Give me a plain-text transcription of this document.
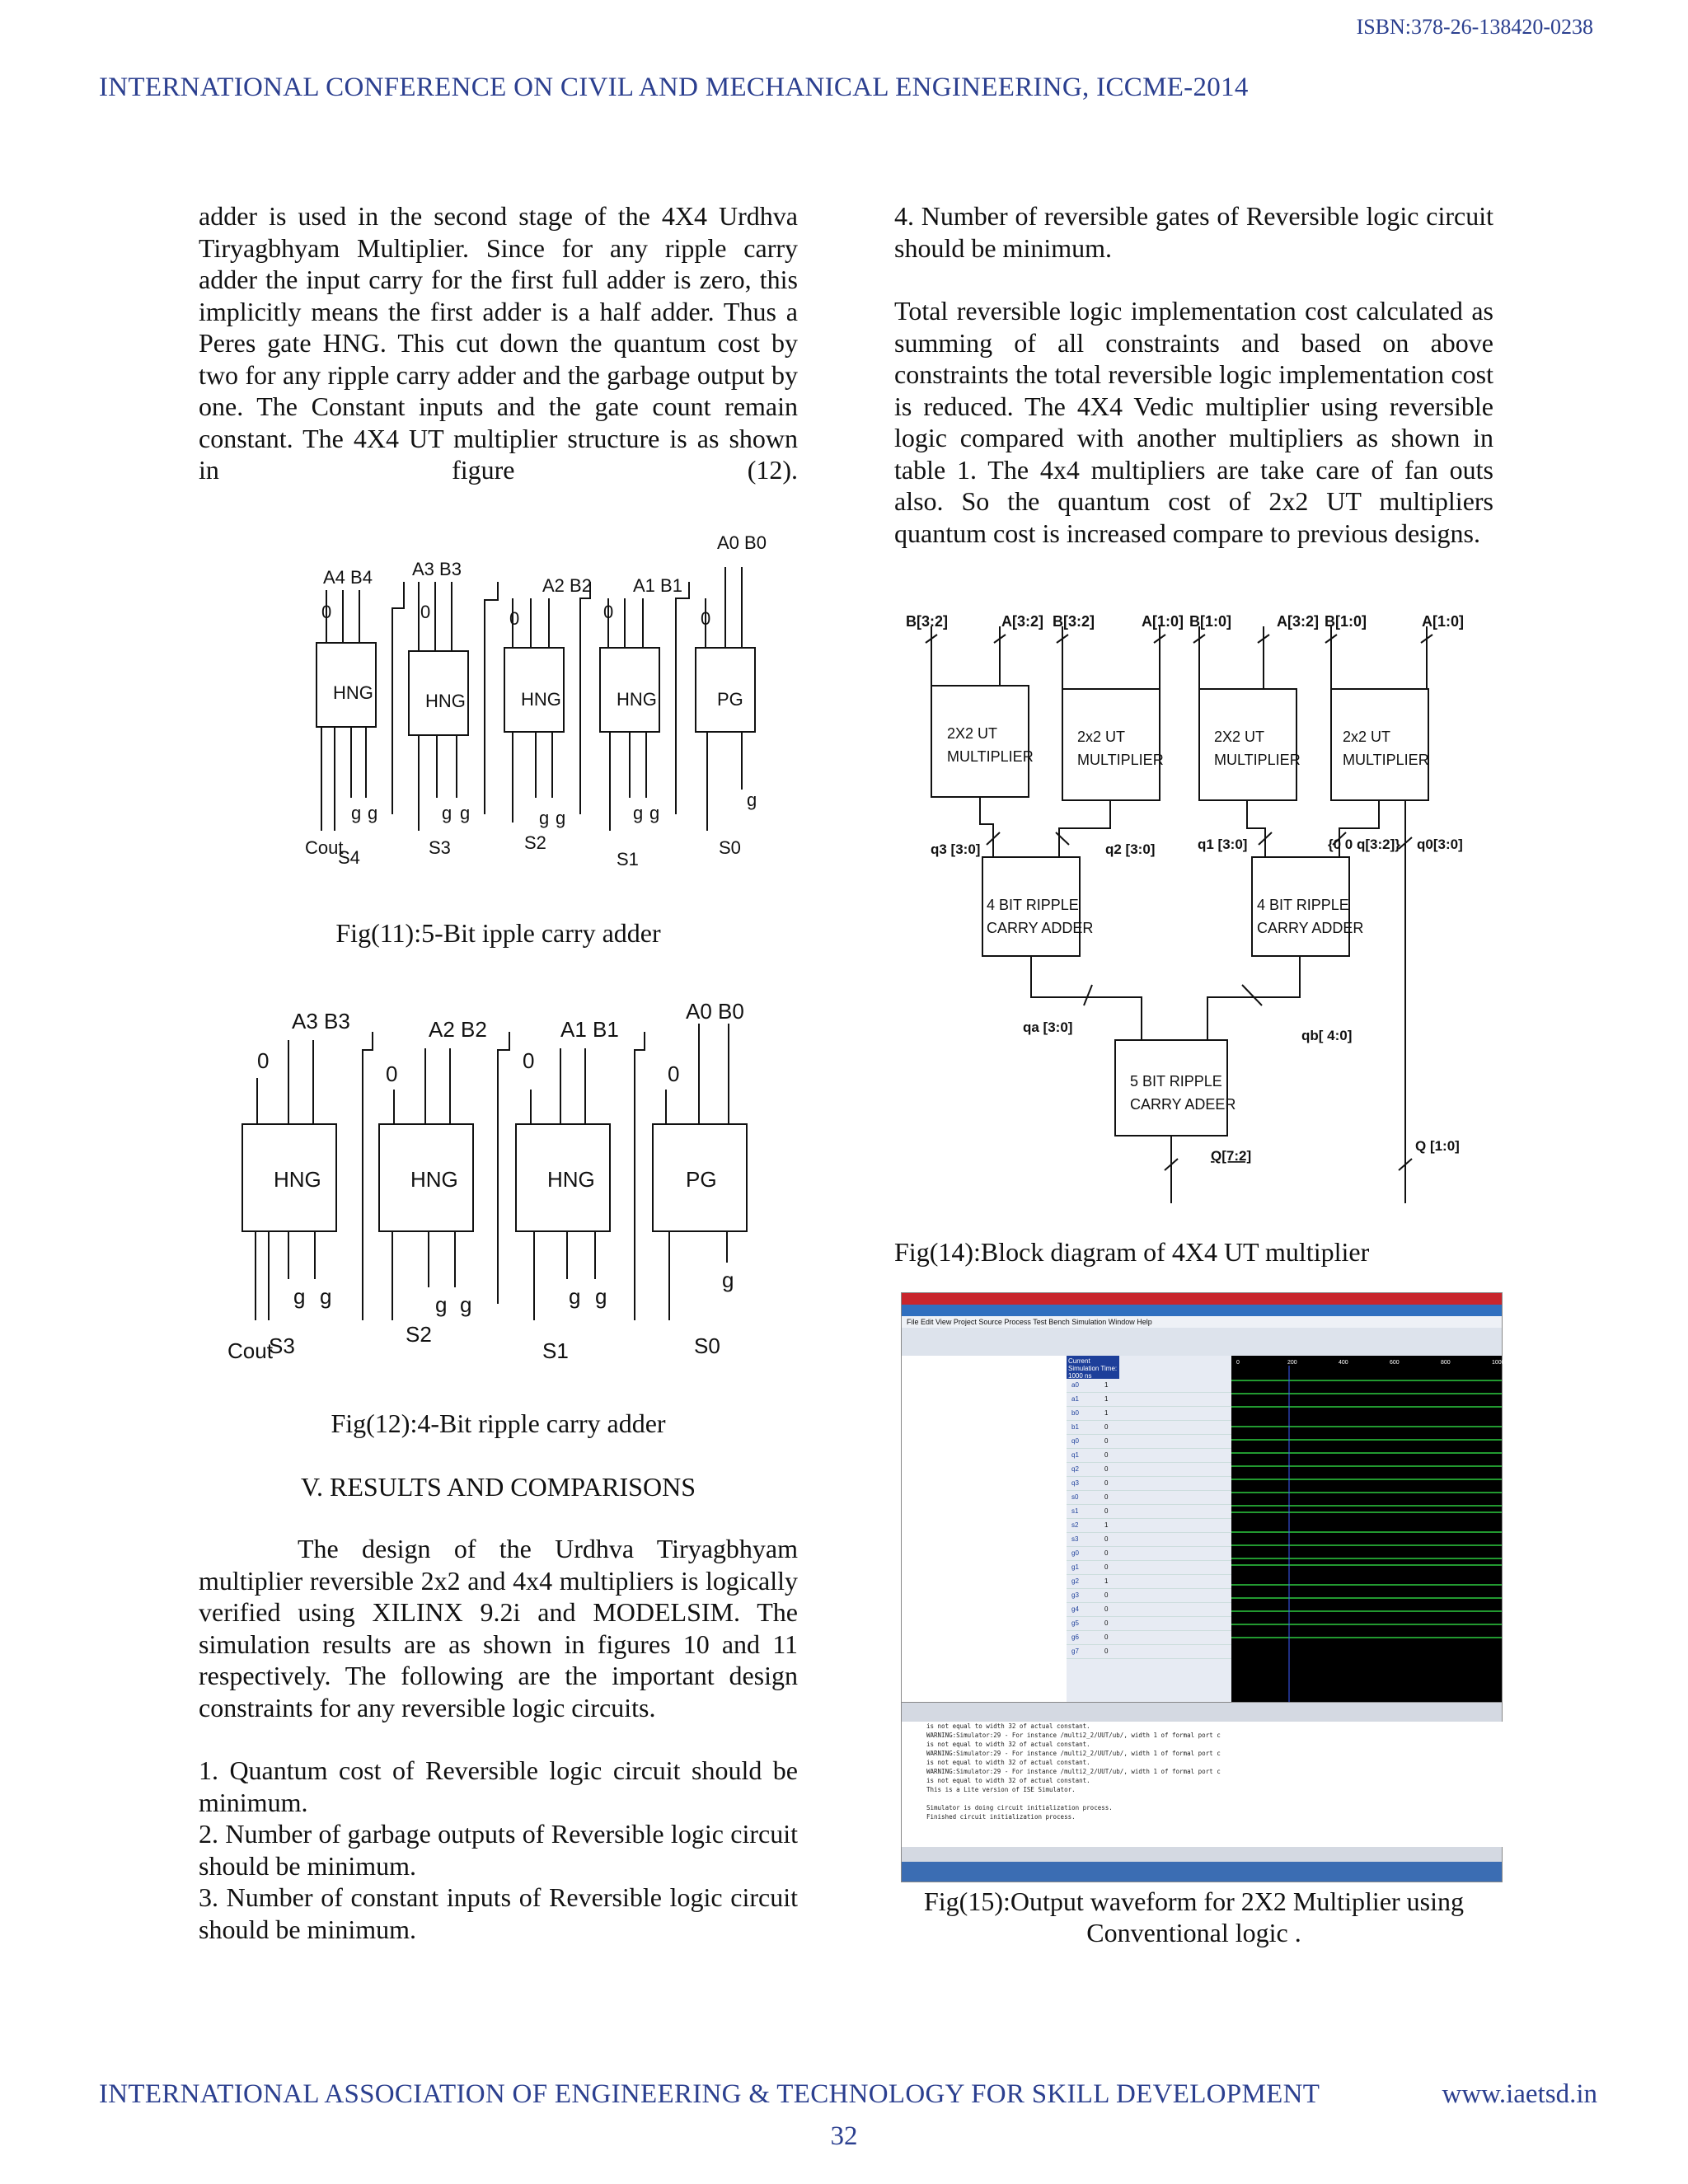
ISBN:378-26-138420-0238
INTERNATIONAL CONFERENCE ON CIVIL AND MECHANICAL ENGINEERING, ICCME-2014

adder is used in the second stage of the 4X4 Urdhva Tiryagbhyam Multiplier. Since for any ripple carry adder the input carry for the first full adder is zero, this implicitly means the first adder is a half adder. Thus a Peres gate HNG. This cut down the quantum cost by two for any ripple carry adder and the garbage output by one. The Constant inputs and the gate count remain constant. The 4X4 UT multiplier structure is as shown in figure (12).

A4 B4 A3 B3
A2 B2 A1 B1
A0 B0
0	0	0	0	0
HNG	HNG	HNG	HNG	PG
g g	g g	g g	g g
g
Cout
S4	S3	S2
S1
S0
Fig(11):5-Bit ipple carry adder
A3 B3	A2 B2	A1 B1
A0 B0
0
0
0
0
HNG	HNG	HNG	PG
g g	g g	g g
g
Cout
S3	S2
S1	S0
Fig(12):4-Bit ripple carry adder
V. RESULTS AND COMPARISONS

The design of the Urdhva Tiryagbhyam multiplier reversible 2x2 and 4x4 multipliers is logically verified using XILINX 9.2i and MODELSIM. The simulation results are as shown in figures 10 and 11 respectively. The following are the important design constraints for any reversible logic circuits.

1. Quantum cost of Reversible logic circuit should be minimum.

2. Number of garbage outputs of Reversible logic circuit should be minimum.

3. Number of constant inputs of Reversible logic circuit should be minimum.

4. Number of reversible gates of Reversible logic circuit should be minimum.

Total reversible logic implementation cost calculated as summing of all constraints and based on above constraints the total reversible logic implementation cost is reduced. The 4X4 Vedic multiplier using reversible logic compared with another multipliers as shown in table 1. The 4x4 multipliers are take care of fan outs also. So the quantum cost of 2x2 UT multipliers quantum cost is increased compare to previous designs.

B[3:2]	A[3:2] B[3:2]	A[1:0] B[1:0]	A[3:2] B[1:0]	A[1:0]
2X2 UT
MULTIPLIER
2x2 UT
MULTIPLIER
2X2 UT
MULTIPLIER
2x2 UT
MULTIPLIER
4 BIT RIPPLE
CARRY ADDER
4 BIT RIPPLE
CARRY ADDER
5 BIT RIPPLE
CARRY ADEER
q3 [3:0]	q2 [3:0]	q1 [3:0]	{0 0 q[3:2]} q0[3:0]
qa [3:0]
qb[ 4:0]
Q[7:2]
Q [1:0]
Fig(14):Block diagram of 4X4 UT multiplier
File Edit View Project Source Process Test Bench Simulation Window Help
Current Simulation Time: 1000 ns
a0	1
a1	1
b0	1
b1	0
q0	0
q1	0
q2	0
q3	0
s0	0
s1	0
s2	1
s3	0
g0	0
g1	0
g2	1
g3	0
g4	0
g5	0
g6	0
g7	0
0	200	400	600	800	1000
is not equal to width 32 of actual constant.
WARNING:Simulator:29 - For instance /multi2_2/UUT/ub/, width 1 of formal port c
is not equal to width 32 of actual constant.
WARNING:Simulator:29 - For instance /multi2_2/UUT/ub/, width 1 of formal port c
is not equal to width 32 of actual constant.
WARNING:Simulator:29 - For instance /multi2_2/UUT/ub/, width 1 of formal port c
is not equal to width 32 of actual constant.
This is a Lite version of ISE Simulator.

Simulator is doing circuit initialization process.
Finished circuit initialization process.
Fig(15):Output waveform for 2X2 Multiplier using Conventional logic .
INTERNATIONAL ASSOCIATION OF ENGINEERING & TECHNOLOGY FOR SKILL DEVELOPMENT	www.iaetsd.in
32
